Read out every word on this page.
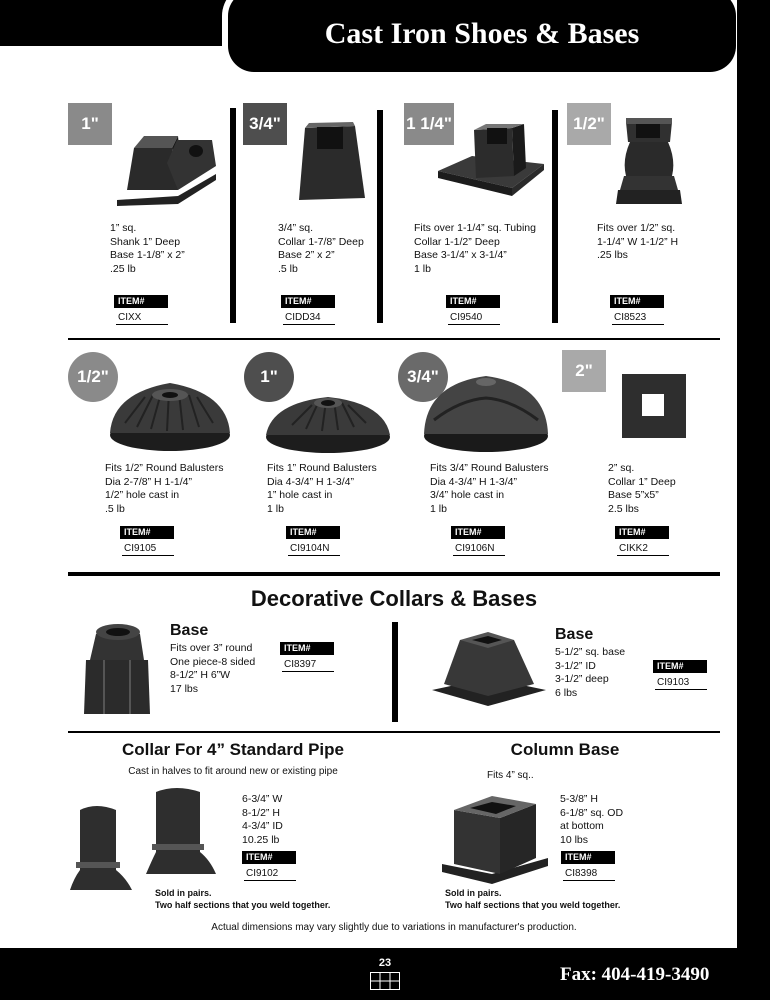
Cast Iron Shoes & Bases
1"
1” sq.
Shank 1” Deep
Base 1-1/8” x 2”
.25 lb
ITEM#
CIXX
3/4"
3/4” sq.
Collar 1-7/8” Deep
Base 2” x 2”
.5 lb
ITEM#
CIDD34
1 1/4"
Fits over 1-1/4” sq. Tubing
Collar 1-1/2” Deep
Base 3-1/4” x 3-1/4”
1 lb
ITEM#
CI9540
1/2"
Fits over 1/2” sq.
1-1/4” W 1-1/2” H
.25 lbs
ITEM#
CI8523
1/2"
Fits 1/2” Round Balusters
Dia 2-7/8” H 1-1/4”
1/2” hole cast in
.5 lb
ITEM#
CI9105
1"
Fits 1” Round Balusters
Dia 4-3/4” H 1-3/4”
1” hole cast in
1 lb
ITEM#
CI9104N
3/4"
Fits 3/4” Round Balusters
Dia 4-3/4” H 1-3/4”
3/4” hole cast in
1 lb
ITEM#
CI9106N
2"
2” sq.
Collar 1” Deep
Base 5”x5”
2.5 lbs
ITEM#
CIKK2
Decorative Collars & Bases
Base
Fits over 3” round
One piece-8 sided
8-1/2” H 6”W
17 lbs
ITEM#
CI8397
Base
5-1/2” sq. base
3-1/2” ID
3-1/2” deep
6 lbs
ITEM#
CI9103
Collar For 4” Standard Pipe
Cast in halves to fit around new or existing pipe
6-3/4” W
8-1/2” H
4-3/4” ID
10.25 lb
ITEM#
CI9102
Sold in pairs.
Two half sections that you weld together.
Column Base
Fits 4” sq..
5-3/8” H
6-1/8” sq. OD
at bottom
10 lbs
ITEM#
CI8398
Sold in pairs.
Two half sections that you weld together.
Actual dimensions may vary slightly due to variations in manufacturer's production.
23
Fax: 404-419-3490
